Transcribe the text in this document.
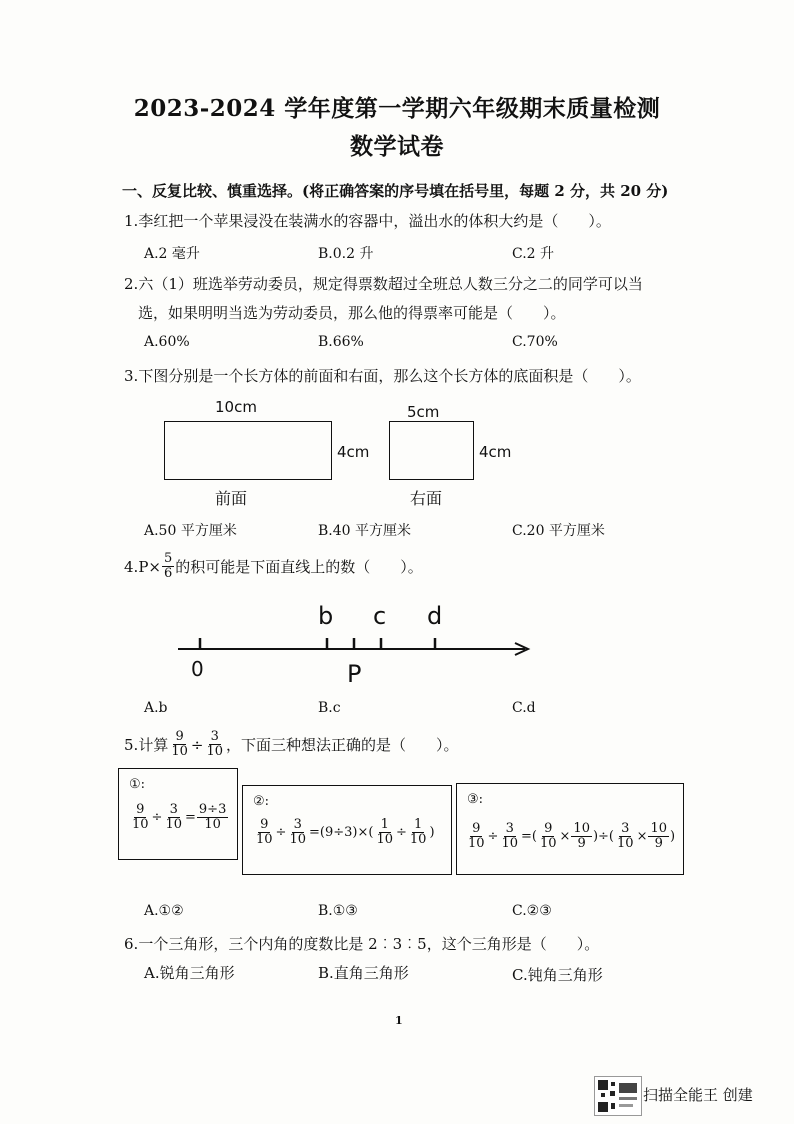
2023-2024 学年度第一学期六年级期末质量检测
数学试卷
一、反复比较、慎重选择。(将正确答案的序号填在括号里，每题 2 分，共 20 分)
1.李红把一个苹果浸没在装满水的容器中，溢出水的体积大约是（　　）。
A.2 毫升	B.0.2 升	C.2 升
2.六（1）班选举劳动委员，规定得票数超过全班总人数三分之二的同学可以当
选，如果明明当选为劳动委员，那么他的得票率可能是（　　）。
A.60%	B.66%	C.70%
3.下图分别是一个长方体的前面和右面，那么这个长方体的底面积是（　　）。
10cm
4cm
前面
5cm
4cm
右面
A.50 平方厘米	B.40 平方厘米	C.20 平方厘米
4. $P\times \frac{5}{6}$ 的积可能是下面直线上的数（　　）。
0	P
b c d
A.b	B.c	C.d
5. 计算 $\frac{9}{10} \div \frac{3}{10}$ ，下面三种想法正确的是（　　）。
①:
$\frac{9}{10} \div \frac{3}{10} = \frac{9\div 3}{10}$
②:
$\frac{9}{10} \div \frac{3}{10} =(9\div 3)\times( \frac{1}{10} \div \frac{1}{10}$ )
③:
$\frac{9}{10} \div \frac{3}{10}$ =( $\frac{9}{10} \times \frac{10}{9}$ )÷( $\frac{3}{10} \times \frac{10}{9}$ )
A.①②	B.①③	C.②③
6.一个三角形，三个内角的度数比是 2︰3︰5，这个三角形是（　　）。
A.锐角三角形	B.直角三角形	C.钝角三角形
1
扫描全能王 创建
